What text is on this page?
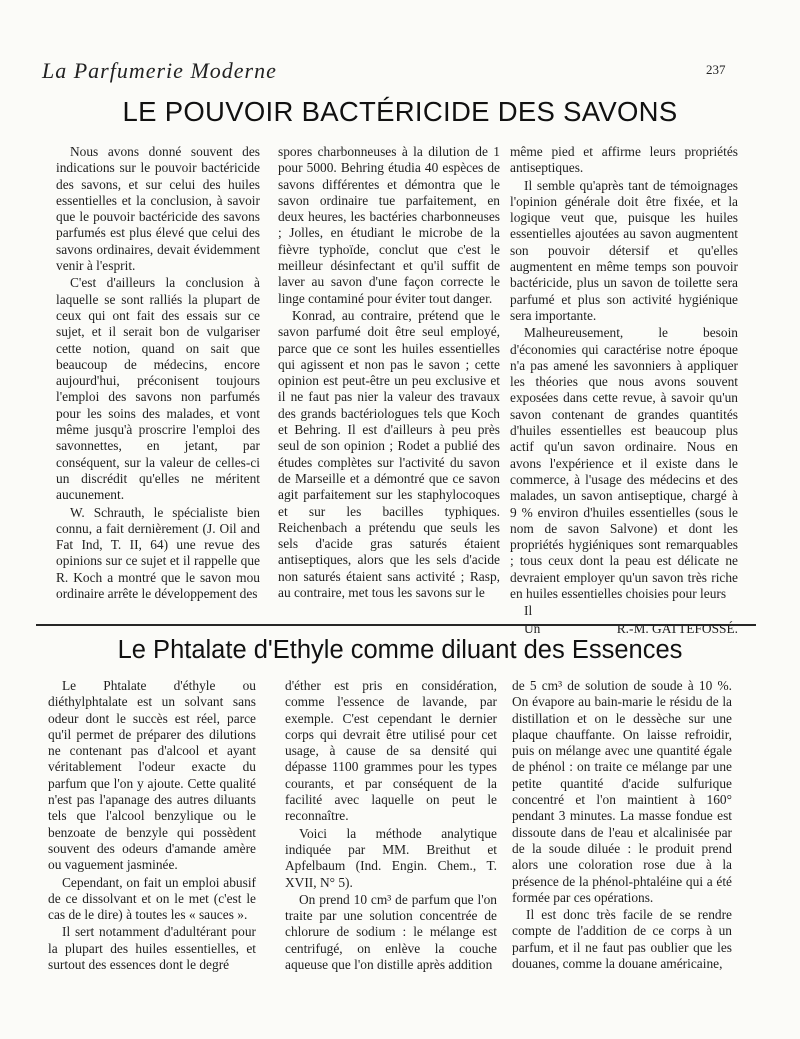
La Parfumerie Moderne	237
LE POUVOIR BACTÉRICIDE DES SAVONS

Nous avons donné souvent des indications sur le pouvoir bactéricide des savons, et sur celui des huiles essentielles et la conclusion, à savoir que le pouvoir bactéricide des savons parfumés est plus élevé que celui des savons ordinaires, devait évidemment venir à l'esprit.

C'est d'ailleurs la conclusion à laquelle se sont ralliés la plupart de ceux qui ont fait des essais sur ce sujet, et il serait bon de vulgariser cette notion, quand on sait que beaucoup de médecins, encore aujourd'hui, préconisent toujours l'emploi des savons non parfumés pour les soins des malades, et vont même jusqu'à proscrire l'emploi des savonnettes, en jetant, par conséquent, sur la valeur de celles-ci un discrédit qu'elles ne méritent aucunement.

W. Schrauth, le spécialiste bien connu, a fait dernièrement (J. Oil and Fat Ind, T. II, 64) une revue des opinions sur ce sujet et il rappelle que R. Koch a montré que le savon mou ordinaire arrête le développement des

spores charbonneuses à la dilution de 1 pour 5000. Behring étudia 40 espèces de savons différentes et démontra que le savon ordinaire tue parfaitement, en deux heures, les bactéries charbonneuses ; Jolles, en étudiant le microbe de la fièvre typhoïde, conclut que c'est le meilleur désinfectant et qu'il suffit de laver au savon d'une façon correcte le linge contaminé pour éviter tout danger.

Konrad, au contraire, prétend que le savon parfumé doit être seul employé, parce que ce sont les huiles essentielles qui agissent et non pas le savon ; cette opinion est peut-être un peu exclusive et il ne faut pas nier la valeur des travaux des grands bactériologues tels que Koch et Behring. Il est d'ailleurs à peu près seul de son opinion ; Rodet a publié des études complètes sur l'activité du savon de Marseille et a démontré que ce savon agit parfaitement sur les staphylocoques et sur les bacilles typhiques. Reichenbach a prétendu que seuls les sels d'acide gras saturés étaient antiseptiques, alors que les sels d'acide non saturés étaient sans activité ; Rasp, au contraire, met tous les savons sur le

même pied et affirme leurs propriétés antiseptiques.

Il semble qu'après tant de témoignages l'opinion générale doit être fixée, et la logique veut que, puisque les huiles essentielles ajoutées au savon augmentent son pouvoir détersif et qu'elles augmentent en même temps son pouvoir bactéricide, plus un savon de toilette sera parfumé et plus son activité hygiénique sera importante.

Malheureusement, le besoin d'économies qui caractérise notre époque n'a pas amené les savonniers à appliquer les théories que nous avons souvent exposées dans cette revue, à savoir qu'un savon contenant de grandes quantités d'huiles essentielles est beaucoup plus actif qu'un savon ordinaire. Nous en avons l'expérience et il existe dans le commerce, à l'usage des médecins et des malades, un savon antiseptique, chargé à 9 % environ d'huiles essentielles (sous le nom de savon Salvone) et dont les propriétés hygiéniques sont remarquables ; tous ceux dont la peau est délicate ne devraient employer qu'un savon très riche en huiles essentielles choisies pour leurs

Il

Un	R.-M. GATTEFOSSÉ.

Le Phtalate d'Ethyle comme diluant des Essences

Le Phtalate d'éthyle ou diéthylphtalate est un solvant sans odeur dont le succès est réel, parce qu'il permet de préparer des dilutions ne contenant pas d'alcool et ayant véritablement l'odeur exacte du parfum que l'on y ajoute. Cette qualité n'est pas l'apanage des autres diluants tels que l'alcool benzylique ou le benzoate de benzyle qui possèdent souvent des odeurs d'amande amère ou vaguement jasminée.

Cependant, on fait un emploi abusif de ce dissolvant et on le met (c'est le cas de le dire) à toutes les « sauces ».

Il sert notamment d'adultérant pour la plupart des huiles essentielles, et surtout des essences dont le degré

d'éther est pris en considération, comme l'essence de lavande, par exemple. C'est cependant le dernier corps qui devrait être utilisé pour cet usage, à cause de sa densité qui dépasse 1100 grammes pour les types courants, et par conséquent de la facilité avec laquelle on peut le reconnaître.

Voici la méthode analytique indiquée par MM. Breithut et Apfelbaum (Ind. Engin. Chem., T. XVII, N° 5).

On prend 10 cm³ de parfum que l'on traite par une solution concentrée de chlorure de sodium : le mélange est centrifugé, on enlève la couche aqueuse que l'on distille après addition

de 5 cm³ de solution de soude à 10 %. On évapore au bain-marie le résidu de la distillation et on le dessèche sur une plaque chauffante. On laisse refroidir, puis on mélange avec une quantité égale de phénol : on traite ce mélange par une petite quantité d'acide sulfurique concentré et l'on maintient à 160° pendant 3 minutes. La masse fondue est dissoute dans de l'eau et alcalinisée par de la soude diluée : le produit prend alors une coloration rose due à la présence de la phénol-phtaléine qui a été formée par ces opérations.

Il est donc très facile de se rendre compte de l'addition de ce corps à un parfum, et il ne faut pas oublier que les douanes, comme la douane américaine,
